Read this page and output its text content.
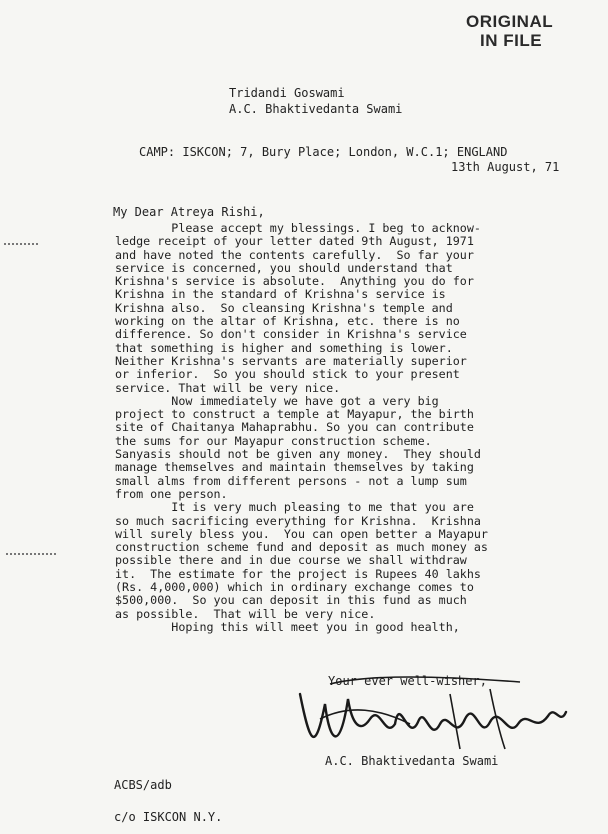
ORIGINAL
IN FILE
Tridandi Goswami
A.C. Bhaktivedanta Swami
CAMP: ISKCON; 7, Bury Place; London, W.C.1; ENGLAND
13th August, 71
My Dear Atreya Rishi,
Please accept my blessings. I beg to acknow-
ledge receipt of your letter dated 9th August, 1971
and have noted the contents carefully.  So far your
service is concerned, you should understand that
Krishna's service is absolute.  Anything you do for
Krishna in the standard of Krishna's service is
Krishna also.  So cleansing Krishna's temple and
working on the altar of Krishna, etc. there is no
difference. So don't consider in Krishna's service
that something is higher and something is lower.
Neither Krishna's servants are materially superior
or inferior.  So you should stick to your present
service. That will be very nice.
Now immediately we have got a very big
project to construct a temple at Mayapur, the birth
site of Chaitanya Mahaprabhu. So you can contribute
the sums for our Mayapur construction scheme.
Sanyasis should not be given any money.  They should
manage themselves and maintain themselves by taking
small alms from different persons - not a lump sum
from one person.
It is very much pleasing to me that you are
so much sacrificing everything for Krishna.  Krishna
will surely bless you.  You can open better a Mayapur
construction scheme fund and deposit as much money as
possible there and in due course we shall withdraw
it.  The estimate for the project is Rupees 40 lakhs
(Rs. 4,000,000) which in ordinary exchange comes to
$500,000.  So you can deposit in this fund as much
as possible.  That will be very nice.
Hoping this will meet you in good health,
Your ever well-wisher,
A.C. Bhaktivedanta Swami
ACBS/adb
c/o ISKCON N.Y.
